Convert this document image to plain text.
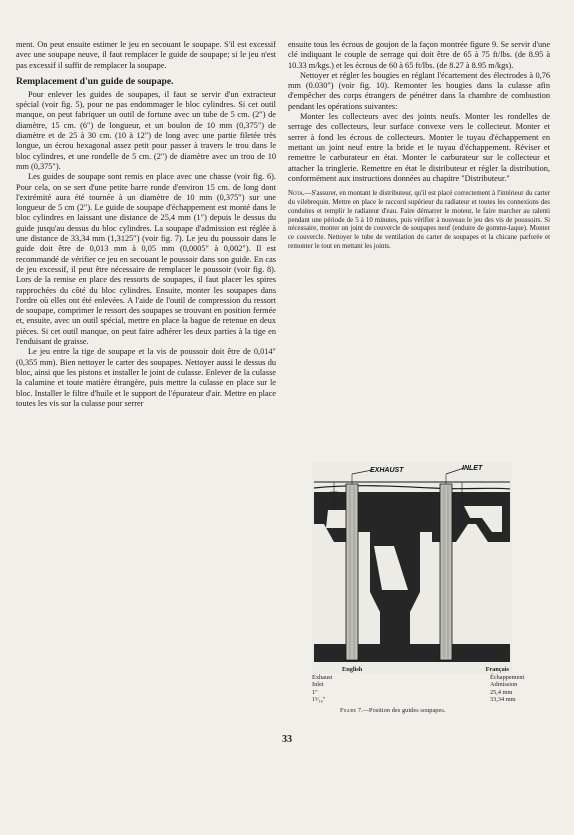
ment. On peut ensuite estimer le jeu en secouant le soupape. S'il est excessif avec une soupape neuve, il faut remplacer le guide de soupape; si le jeu n'est pas excessif il suffit de remplacer la soupape.

Remplacement d'un guide de soupape.

Pour enlever les guides de soupapes, il faut se servir d'un extracteur spécial (voir fig. 5), pour ne pas endommager le bloc cylindres. Si cet outil manque, on peut fabriquer un outil de fortune avec un tube de 5 cm. (2″) de diamètre, 15 cm. (6″) de longueur, et un boulon de 10 mm (0,375″) de diamètre et de 25 à 30 cm. (10 à 12″) de long avec une partie filetée très longue, un écrou hexagonal assez petit pour passer à travers le trou dans le bloc cylindres, et une rondelle de 5 cm. (2″) de diamètre avec un trou de 10 mm (0,375″).

Les guides de soupape sont remis en place avec une chasse (voir fig. 6). Pour cela, on se sert d'une petite barre ronde d'environ 15 cm. de long dont l'extrémité aura été tournée à un diamètre de 10 mm (0,375″) sur une longueur de 5 cm (2″). Le guide de soupape d'échappement est monté dans le bloc cylindres en laissant une distance de 25,4 mm (1″) depuis le dessus du guide jusqu'au dessus du bloc cylindres. La soupape d'admission est réglée à une distance de 33,34 mm (1,3125″) (voir fig. 7). Le jeu du poussoir dans le guide doit être de 0,013 mm à 0,05 mm (0,0005″ à 0,002″). Il est recommandé de vérifier ce jeu en secouant le poussoir dans son guide. En cas de jeu excessif, il peut être nécessaire de remplacer le poussoir (voir fig. 8). Lors de la remise en place des ressorts de soupapes, il faut placer les spires rapprochées du côté du bloc cylindres. Ensuite, monter les soupapes dans l'ordre où elles ont été enlevées. A l'aide de l'outil de compression du ressort de soupape, comprimer le ressort des soupapes se trouvant en position fermée et, ensuite, avec un outil spécial, mettre en place la bague de retenue en deux pièces. Si cet outil manque, on peut faire adhérer les deux parties à la tige en l'enduisant de graisse.

Le jeu entre la tige de soupape et la vis de poussoir doit être de 0,014″ (0,355 mm). Bien nettoyer le carter des soupapes. Nettoyer aussi le dessus du bloc, ainsi que les pistons et installer le joint de culasse. Enlever de la culasse la calamine et toute matière étrangère, puis mettre la culasse en place sur le bloc. Installer le filtre d'huile et le support de l'épurateur d'air. Mettre en place toutes les vis sur la culasse pour serrer

ensuite tous les écrous de goujon de la façon montrée figure 9. Se servir d'une clé indiquant le couple de serrage qui doit être de 65 à 75 ft/lbs. (de 8.95 à 10.33 m/kgs.) et les écrous de 60 à 65 ft/lbs. (de 8.27 à 8.95 m/kgs).

Nettoyer et régler les bougies en réglant l'écartement des électrodes à 0,76 mm (0.030″) (voir fig. 10). Remonter les bougies dans la culasse afin d'empêcher des corps étrangers de pénétrer dans la chambre de combustion pendant les opérations suivantes:

Monter les collecteurs avec des joints neufs. Monter les rondelles de serrage des collecteurs, leur surface convexe vers le collecteur. Monter et serrer à fond les écrous de collecteurs. Monter le tuyau d'échappement en mettant un joint neuf entre la bride et le tuyau d'échappement. Réviser et remettre le carburateur en état. Monter le carburateur sur le collecteur et attacher la tringlerie. Remettre en état le distributeur et régler la distribution, conformément aux instructions données au chapitre "Distributeur."

Nota.—S'assurer, en montant le distributeur, qu'il est placé correctement à l'intérieur du carter du vilebrequin. Mettre en place le raccord supérieur du radiateur et toutes les connexions des conduites et remplir le radiateur d'eau. Faire démarrer le moteur, le faire marcher au ralenti pendant une période de 5 à 10 minutes, puis vérifier à nouveau le jeu des vis de poussoirs. Si nécessaire, monter un joint de couvercle de soupapes neuf (enduire de gomme-laque). Monter ce couvercle. Nettoyer le tube de ventilation du carter de soupapes et la chicane parforée et remonter le tout en mettant les joints.

EXHAUST	INLET
English	Français
Exhaust	Échappement
Inlet	Admission
1″	25,4 mm
1⁵⁄₁₆″	33,34 mm
Figure 7.—Position des guides soupapes.
33
